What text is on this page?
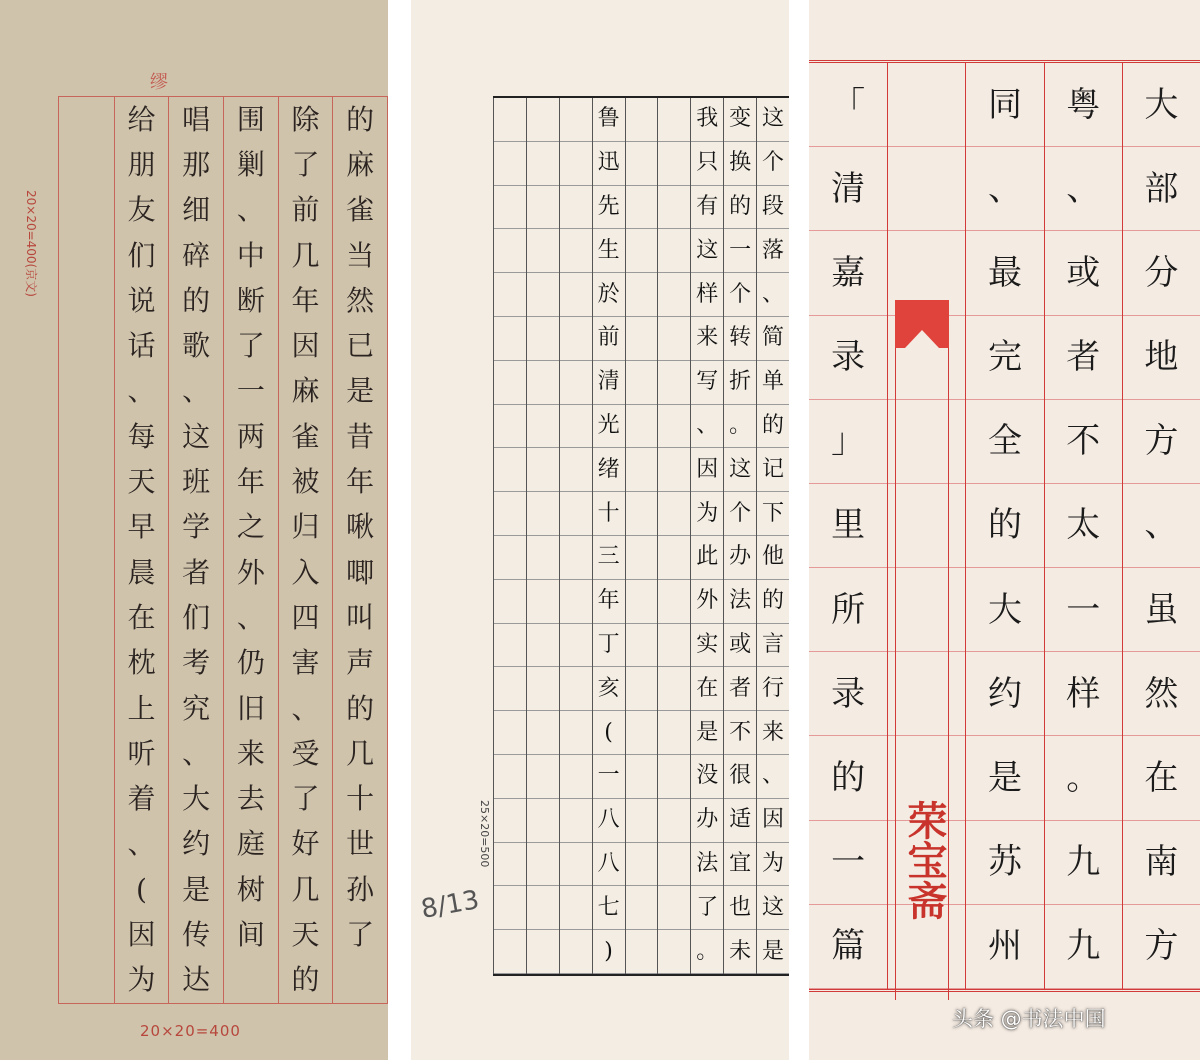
缪
20×20=400(京文)
给
朋
友
们
说
话
、
每
天
早
晨
在
枕
上
听
着
、
(
因
为
唱
那
细
碎
的
歌
、
这
班
学
者
们
考
究
、
大
约
是
传
达
围
剿
、
中
断
了
一
两
年
之
外
、
仍
旧
来
去
庭
树
间
除
了
前
几
年
因
麻
雀
被
归
入
四
害
、
受
了
好
几
天
的
的
麻
雀
当
然
已
是
昔
年
啾
唧
叫
声
的
几
十
世
孙
了
20×20=400
鲁
迅
先
生
於
前
清
光
绪
十
三
年
丁
亥
(
一
八
八
七
)
我
只
有
这
样
来
写
、
因
为
此
外
实
在
是
没
办
法
了
。
变
换
的
一
个
转
折
。
这
个
办
法
或
者
不
很
适
宜
也
未
这
个
段
落
、
简
单
的
记
下
他
的
言
行
来
、
因
为
这
是
25×20=500
8/13
「
清
嘉
录
」
里
所
录
的
一
篇
同
、
最
完
全
的
大
约
是
苏
州
粤
、
或
者
不
太
一
样
。
九
九
大
部
分
地
方
、
虽
然
在
南
方
荣宝斋
头条 @书法中国
